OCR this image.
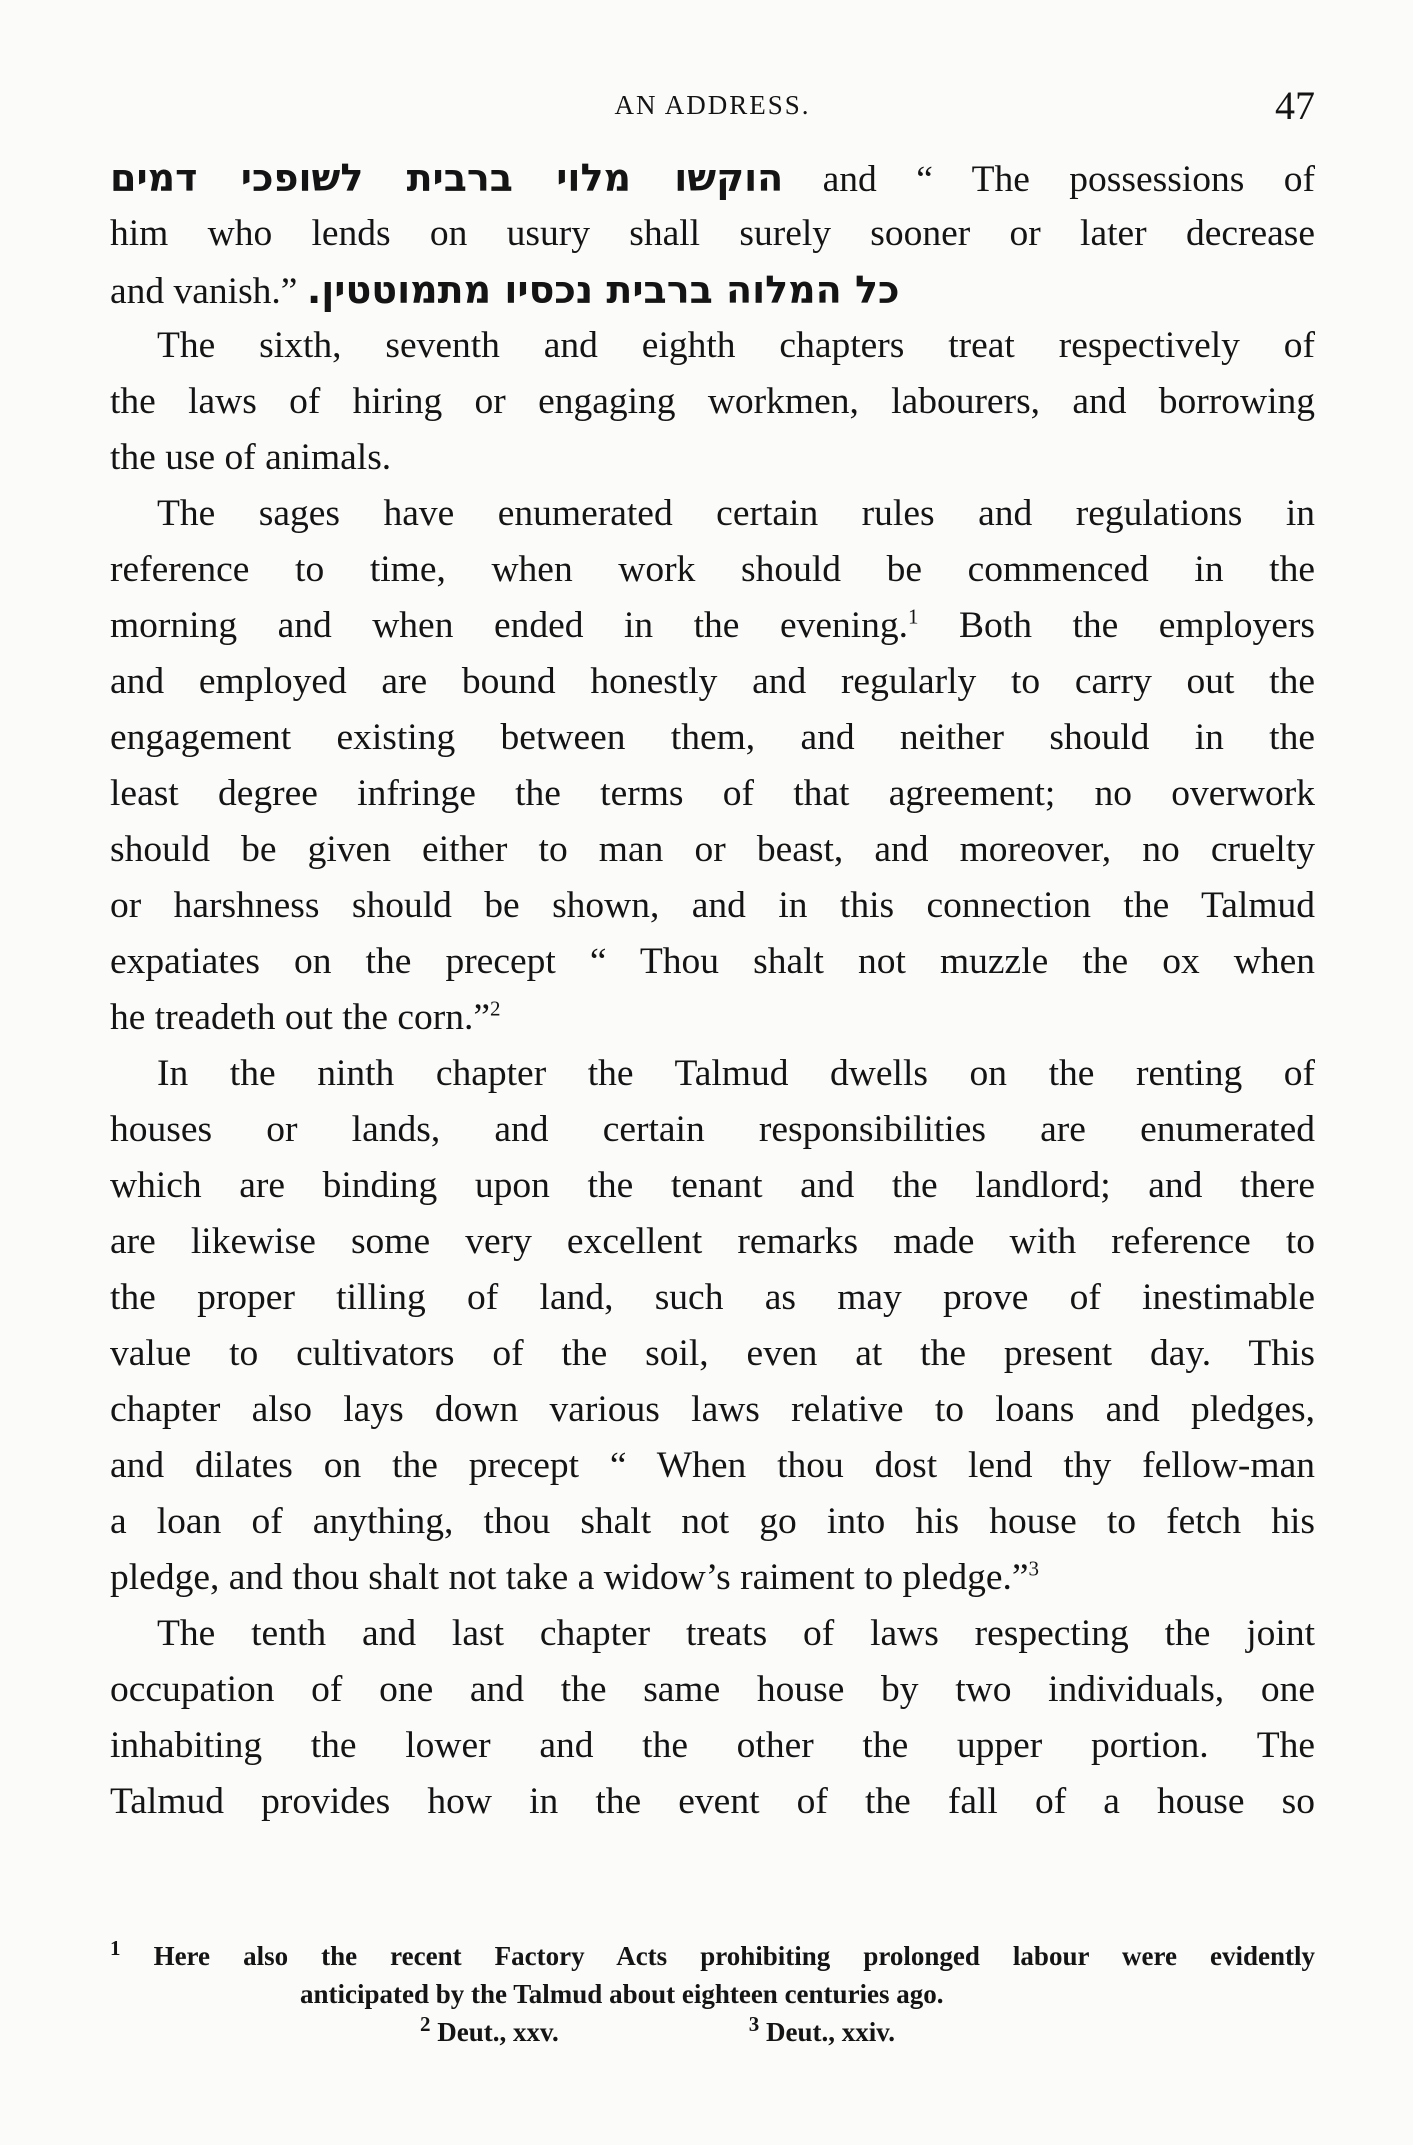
AN ADDRESS.	47
הוקשו מלוי ברבית לשופכי דמים and “ The possessions of
him who lends on usury shall surely sooner or later decrease
and vanish.” כל המלוה ברבית נכסיו מתמוטטין.
The sixth, seventh and eighth chapters treat respectively of
the laws of hiring or engaging workmen, labourers, and borrowing
the use of animals.
The sages have enumerated certain rules and regulations in
reference to time, when work should be commenced in the
morning and when ended in the evening.$^1$ Both the employers
and employed are bound honestly and regularly to carry out the
engagement existing between them, and neither should in the
least degree infringe the terms of that agreement; no overwork
should be given either to man or beast, and moreover, no cruelty
or harshness should be shown, and in this connection the Talmud
expatiates on the precept “ Thou shalt not muzzle the ox when
he treadeth out the corn.”$^2$
In the ninth chapter the Talmud dwells on the renting of
houses or lands, and certain responsibilities are enumerated
which are binding upon the tenant and the landlord; and there
are likewise some very excellent remarks made with reference to
the proper tilling of land, such as may prove of inestimable
value to cultivators of the soil, even at the present day. This
chapter also lays down various laws relative to loans and pledges,
and dilates on the precept “ When thou dost lend thy fellow-man
a loan of anything, thou shalt not go into his house to fetch his
pledge, and thou shalt not take a widow’s raiment to pledge.”$^3$
The tenth and last chapter treats of laws respecting the joint
occupation of one and the same house by two individuals, one
inhabiting the lower and the other the upper portion. The
Talmud provides how in the event of the fall of a house so
$^1$ Here also the recent Factory Acts prohibiting prolonged labour were evidently
anticipated by the Talmud about eighteen centuries ago.
$^2$ Deut., xxv.	$^3$ Deut., xxiv.
